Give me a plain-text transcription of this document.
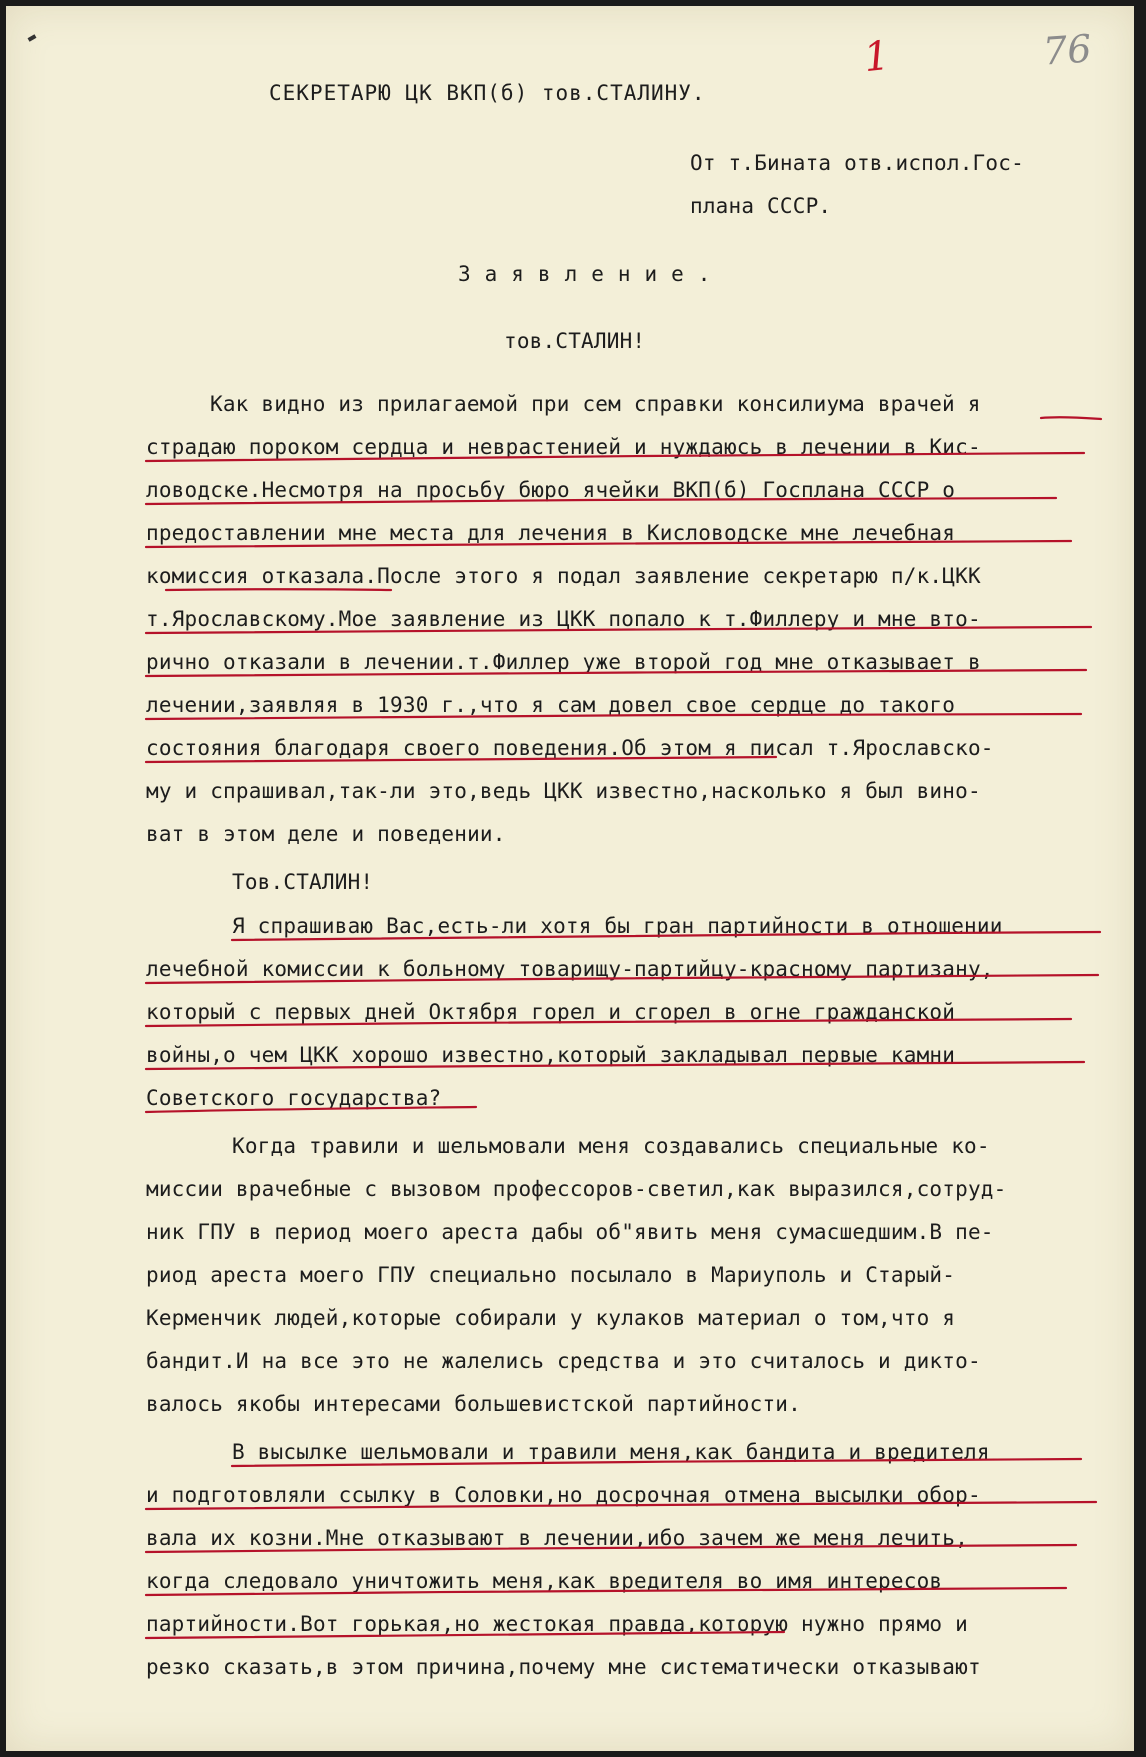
1	76

СЕКРЕТАРЮ ЦК ВКП(б) тов.СТАЛИНУ.

От т.Бината отв.испол.Гос-

плана СССР.

Заявление.

тов.СТАЛИН!

Как видно из прилагаемой при сем справки консилиума врачей я

страдаю пороком сердца и неврастенией и нуждаюсь в лечении в Кис-

ловодске.Несмотря на просьбу бюро ячейки ВКП(б) Госплана СССР о

предоставлении мне места для лечения в Кисловодске мне лечебная

комиссия отказала.После этого я подал заявление секретарю п/к.ЦКК

т.Ярославскому.Мое заявление из ЦКК попало к т.Филлеру и мне вто-

рично отказали в лечении.т.Филлер уже второй год мне отказывает в

лечении,заявляя в 1930 г.,что я сам довел свое сердце до такого

состояния благодаря своего поведения.Об этом я писал т.Ярославско-

му и спрашивал,так-ли это,ведь ЦКК известно,насколько я был вино-

ват в этом деле и поведении.

Тов.СТАЛИН!

Я спрашиваю Вас,есть-ли хотя бы гран партийности в отношении

лечебной комиссии к больному товарищу-партийцу-красному партизану,

который с первых дней Октября горел и сгорел в огне гражданской

войны,о чем ЦКК хорошо известно,который закладывал первые камни

Советского государства?

Когда травили и шельмовали меня создавались специальные ко-

миссии врачебные с вызовом профессоров-светил,как выразился,сотруд-

ник ГПУ в период моего ареста дабы об"явить меня сумасшедшим.В пе-

риод ареста моего ГПУ специально посылало в Мариуполь и Старый-

Керменчик людей,которые собирали у кулаков материал о том,что я

бандит.И на все это не жалелись средства и это считалось и дикто-

валось якобы интересами большевистской партийности.

В высылке шельмовали и травили меня,как бандита и вредителя

и подготовляли ссылку в Соловки,но досрочная отмена высылки обор-

вала их козни.Мне отказывают в лечении,ибо зачем же меня лечить,

когда следовало уничтожить меня,как вредителя во имя интересов

партийности.Вот горькая,но жестокая правда,которую нужно прямо и

резко сказать,в этом причина,почему мне систематически отказывают
